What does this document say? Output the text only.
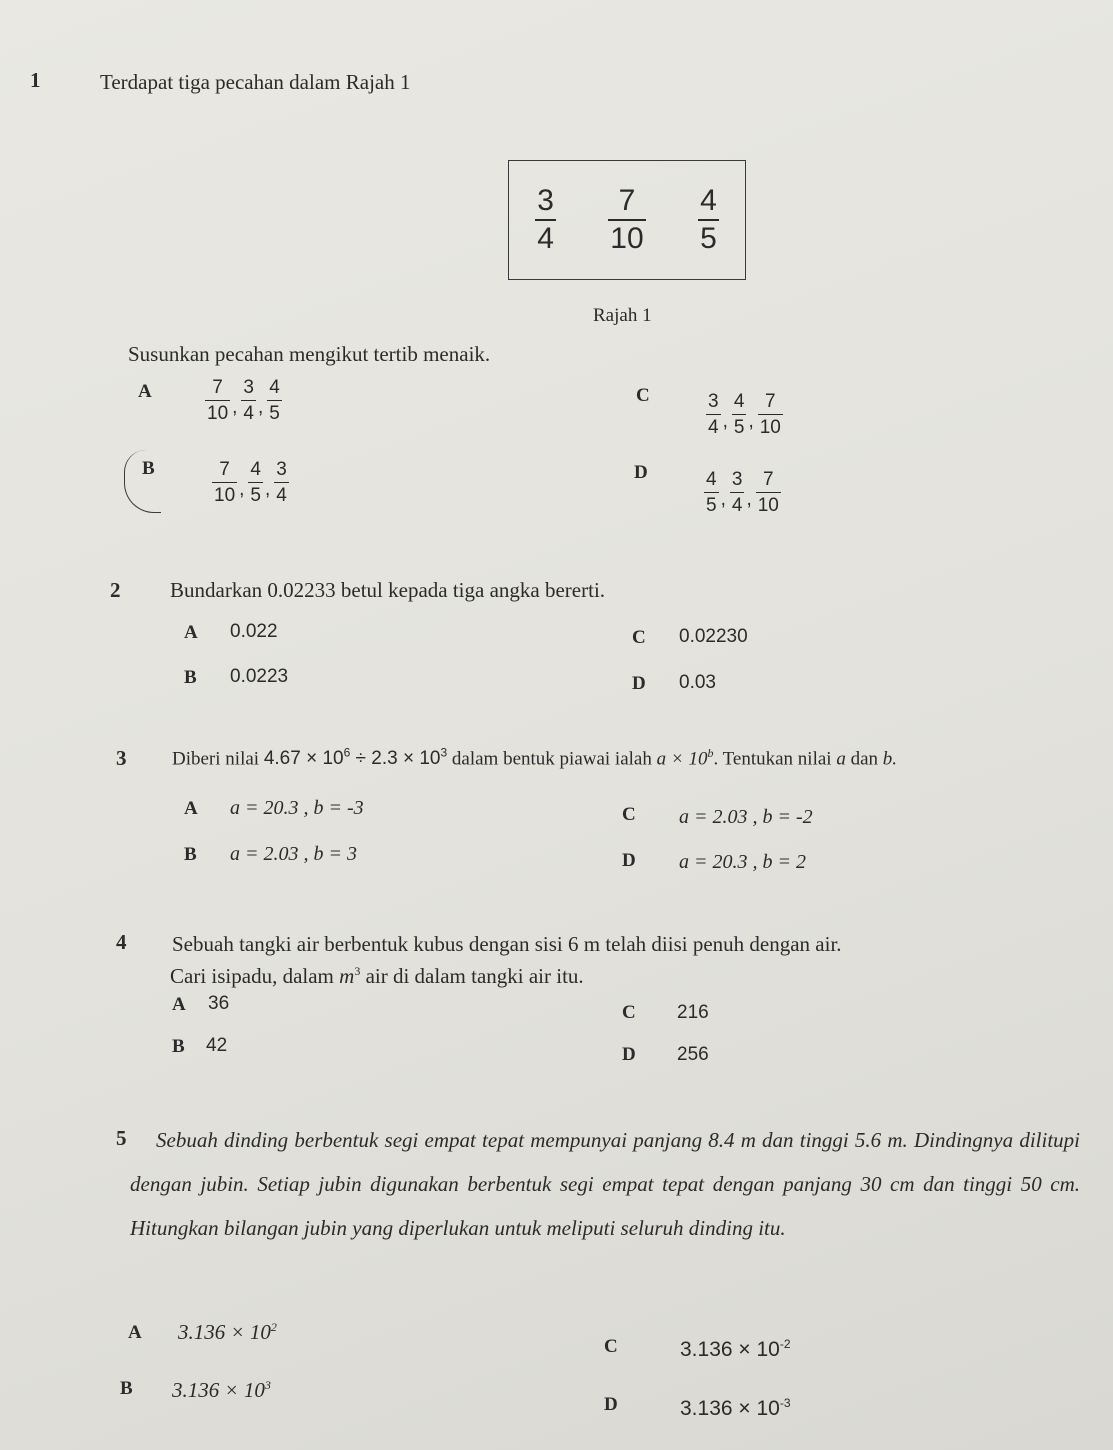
1	Terdapat tiga pecahan dalam Rajah 1
$\frac{3}{4} \frac{7}{10} \frac{4}{5}$
Rajah 1
Susunkan pecahan mengikut tertib menaik.
A	$\frac{7}{10}$ , $\frac{3}{4}$ , $\frac{4}{5}$	C	$\frac{3}{4}$ , $\frac{4}{5}$ , $\frac{7}{10}$
B	$\frac{7}{10}$ , $\frac{4}{5}$ , $\frac{3}{4}$	D	$\frac{4}{5}$ , $\frac{3}{4}$ , $\frac{7}{10}$
2 Bundarkan 0.02233 betul kepada tiga angka bererti.
A 0.022	C 0.02230
B 0.0223	D 0.03
3 Diberi nilai $4.67 \times 10^6 \div 2.3 \times 10^3$ dalam bentuk piawai ialah $a \times 10^b$. Tentukan nilai a dan b.
A a = 20.3 , b = -3	C a = 2.03 , b = -2
B a = 2.03 , b = 3	D a = 20.3 , b = 2
4 Sebuah tangki air berbentuk kubus dengan sisi 6 m telah diisi penuh dengan air.
Cari isipadu, dalam $m^3$ air di dalam tangki air itu.
A 36	C 216
B 42	D 256
5	Sebuah dinding berbentuk segi empat tepat mempunyai panjang 8.4 m dan tinggi 5.6 m. Dindingnya dilitupi dengan jubin. Setiap jubin digunakan berbentuk segi empat tepat dengan panjang 30 cm dan tinggi 50 cm. Hitungkan bilangan jubin yang diperlukan untuk meliputi seluruh dinding itu.
A $3.136 \times 10^2$
C	$3.136 \times 10^{-2}$
B $3.136 \times 10^3$
D	$3.136 \times 10^{-3}$
